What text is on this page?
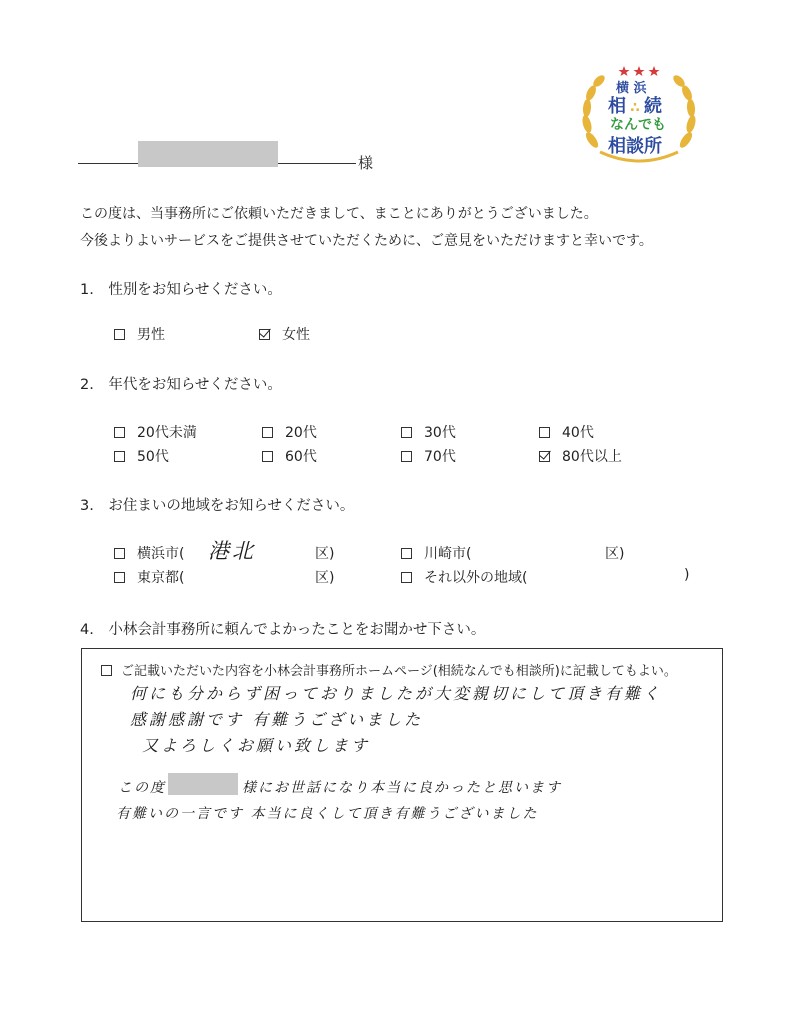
横 浜
相 ∴ 続
なんでも
相談所
様
この度は、当事務所にご依頼いただきまして、まことにありがとうございました。
今後よりよいサービスをご提供させていただくために、ご意見をいただけますと幸いです。
1.　性別をお知らせください。
男性	女性
2.　年代をお知らせください。
20代未満	20代	30代	40代
50代	60代	70代	80代以上
3.　お住まいの地域をお知らせください。
横浜市( 港北	区)	川崎市(	区)
東京都(	区)	それ以外の地域(	)
4.　小林会計事務所に頼んでよかったことをお聞かせ下さい。
ご記載いただいた内容を小林会計事務所ホームページ(相続なんでも相談所)に記載してもよい。
何にも分からず困っておりましたが大変親切にして頂き有難く
感謝感謝です 有難うございました
又よろしくお願い致します
この度	様にお世話になり本当に良かったと思います
有難いの一言です 本当に良くして頂き有難うございました
